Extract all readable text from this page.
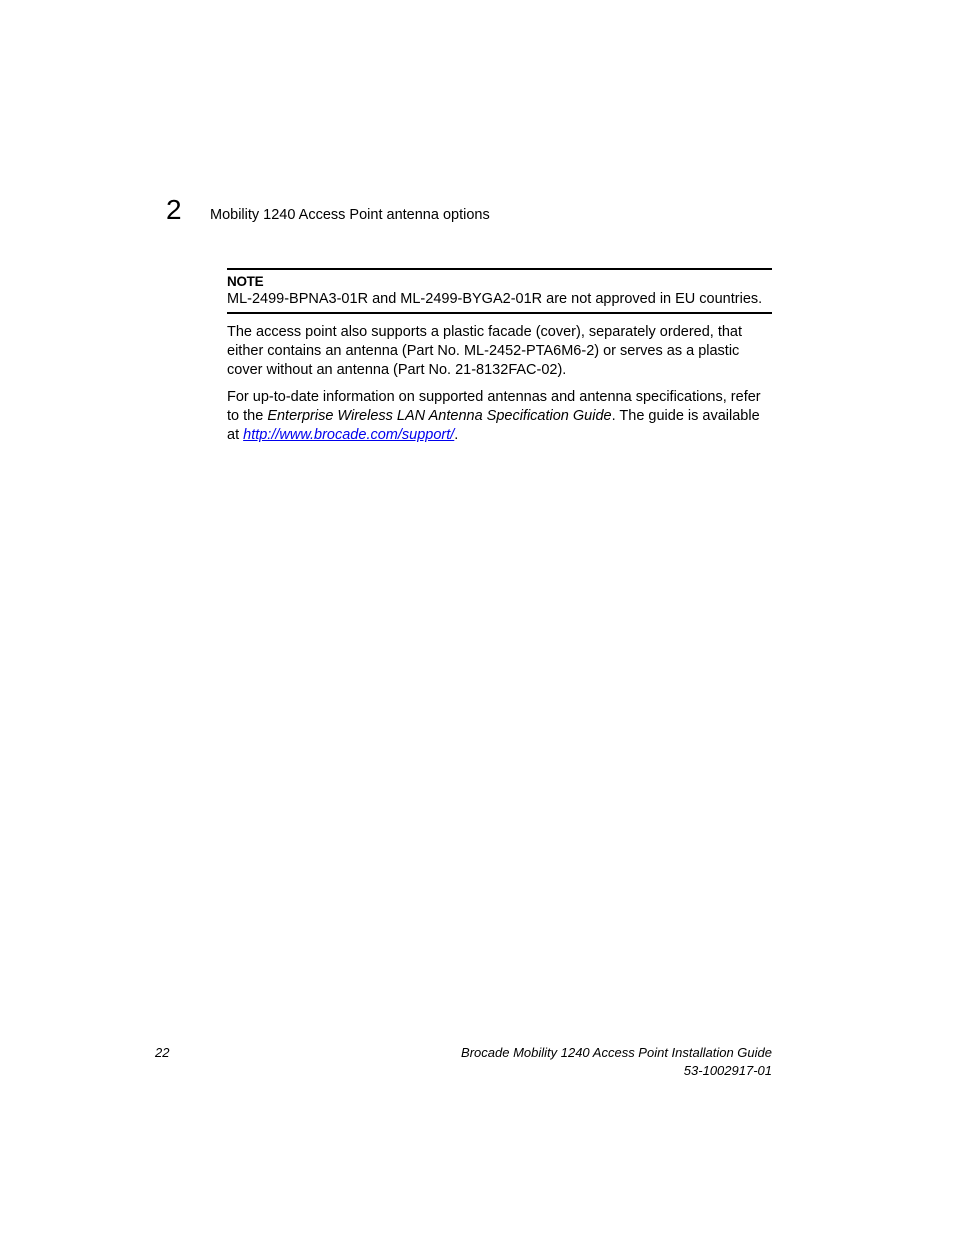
2 Mobility 1240 Access Point antenna options
NOTE
ML-2499-BPNA3-01R and ML-2499-BYGA2-01R are not approved in EU countries.

The access point also supports a plastic facade (cover), separately ordered, that either contains an antenna (Part No. ML-2452-PTA6M6-2) or serves as a plastic cover without an antenna (Part No. 21-8132FAC-02).

For up-to-date information on supported antennas and antenna specifications, refer to the Enterprise Wireless LAN Antenna Specification Guide. The guide is available at http://www.brocade.com/support/.

22	Brocade Mobility 1240 Access Point Installation Guide
53-1002917-01
